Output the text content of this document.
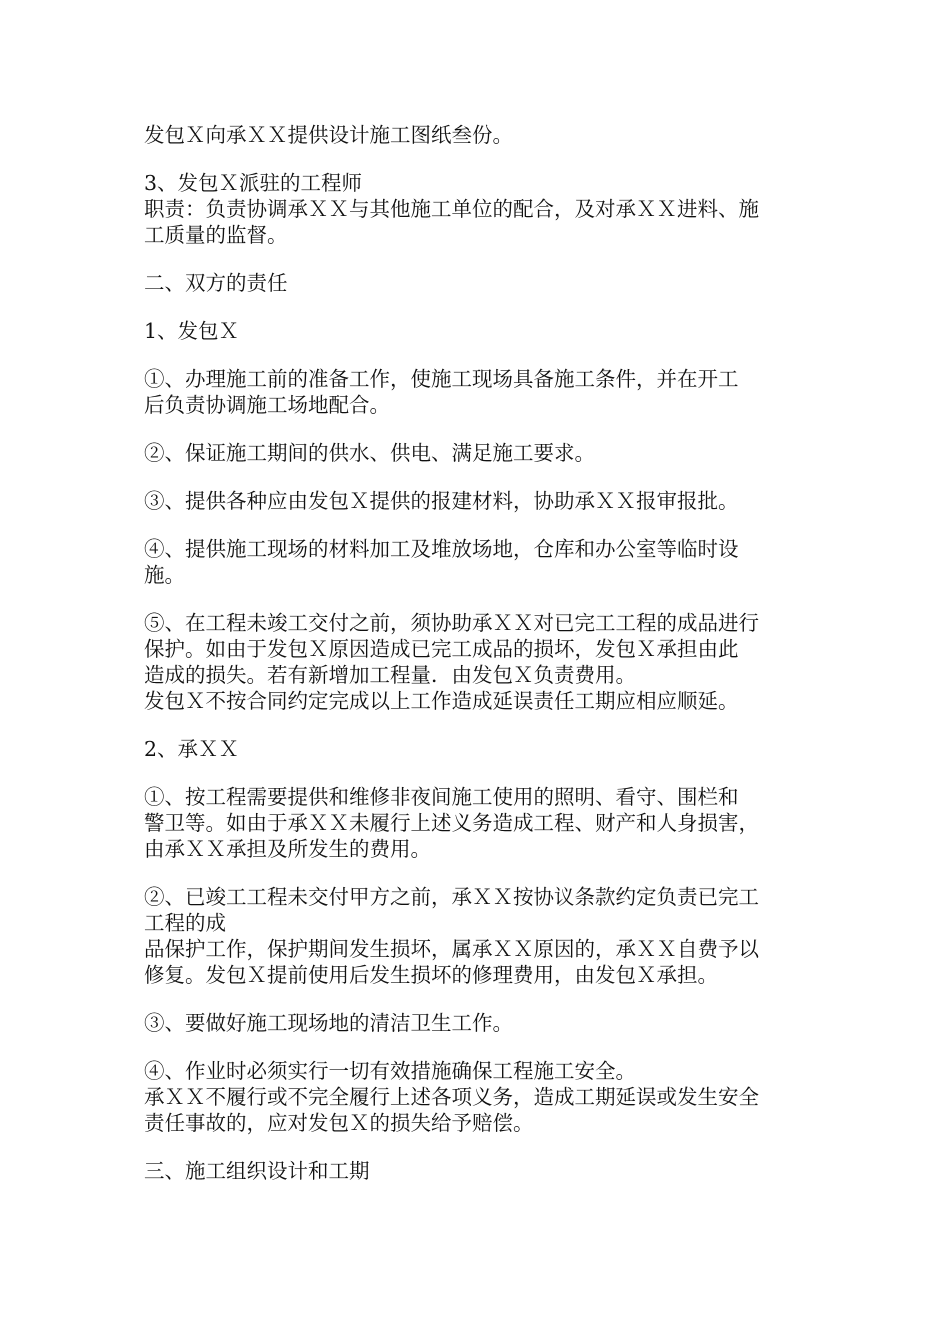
发包Ｘ向承ＸＸ提供设计施工图纸叁份。
3、发包Ｘ派驻的工程师
职责：负责协调承ＸＸ与其他施工单位的配合，及对承ＸＸ进料、施
工质量的监督。
二、双方的责任
1、发包Ｘ
①、办理施工前的准备工作，使施工现场具备施工条件，并在开工
后负责协调施工场地配合。
②、保证施工期间的供水、供电、满足施工要求。
③、提供各种应由发包Ｘ提供的报建材料，协助承ＸＸ报审报批。
④、提供施工现场的材料加工及堆放场地，仓库和办公室等临时设
施。
⑤、在工程未竣工交付之前，须协助承ＸＸ对已完工工程的成品进行
保护。如由于发包Ｘ原因造成已完工成品的损坏，发包Ｘ承担由此
造成的损失。若有新增加工程量．由发包Ｘ负责费用。
发包Ｘ不按合同约定完成以上工作造成延误责任工期应相应顺延。
2、承ＸＸ
①、按工程需要提供和维修非夜间施工使用的照明、看守、围栏和
警卫等。如由于承ＸＸ未履行上述义务造成工程、财产和人身损害，
由承ＸＸ承担及所发生的费用。
②、已竣工工程未交付甲方之前，承ＸＸ按协议条款约定负责已完工
工程的成
品保护工作，保护期间发生损坏，属承ＸＸ原因的，承ＸＸ自费予以
修复。发包Ｘ提前使用后发生损坏的修理费用，由发包Ｘ承担。
③、要做好施工现场地的清洁卫生工作。
④、作业时必须实行一切有效措施确保工程施工安全。
承ＸＸ不履行或不完全履行上述各项义务，造成工期延误或发生安全
责任事故的，应对发包Ｘ的损失给予赔偿。
三、施工组织设计和工期
